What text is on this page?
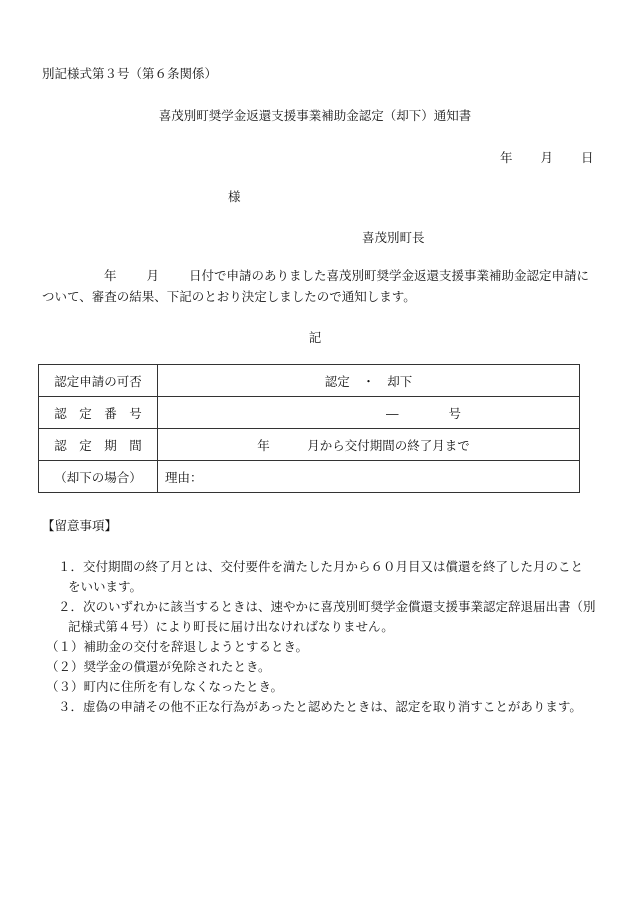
別記様式第３号（第６条関係）
喜茂別町奨学金返還支援事業補助金認定（却下）通知書
年 月 日
様
喜茂別町長
年 月 日付で申請のありました喜茂別町奨学金返還支援事業補助金認定申請に
ついて、審査の結果、下記のとおり決定しましたので通知します。
記
認定申請の可否	認定　・　却下
認　定　番　号	―　　　　号
認　定　期　間	年　　　月から交付期間の終了月まで
（却下の場合）	理由：
【留意事項】
１．交付期間の終了月とは、交付要件を満たした月から６０月目又は償還を終了した月のこと
をいいます。
２．次のいずれかに該当するときは、速やかに喜茂別町奨学金償還支援事業認定辞退届出書（別
記様式第４号）により町長に届け出なければなりません。
（１）補助金の交付を辞退しようとするとき。
（２）奨学金の償還が免除されたとき。
（３）町内に住所を有しなくなったとき。
３．虚偽の申請その他不正な行為があったと認めたときは、認定を取り消すことがあります。
